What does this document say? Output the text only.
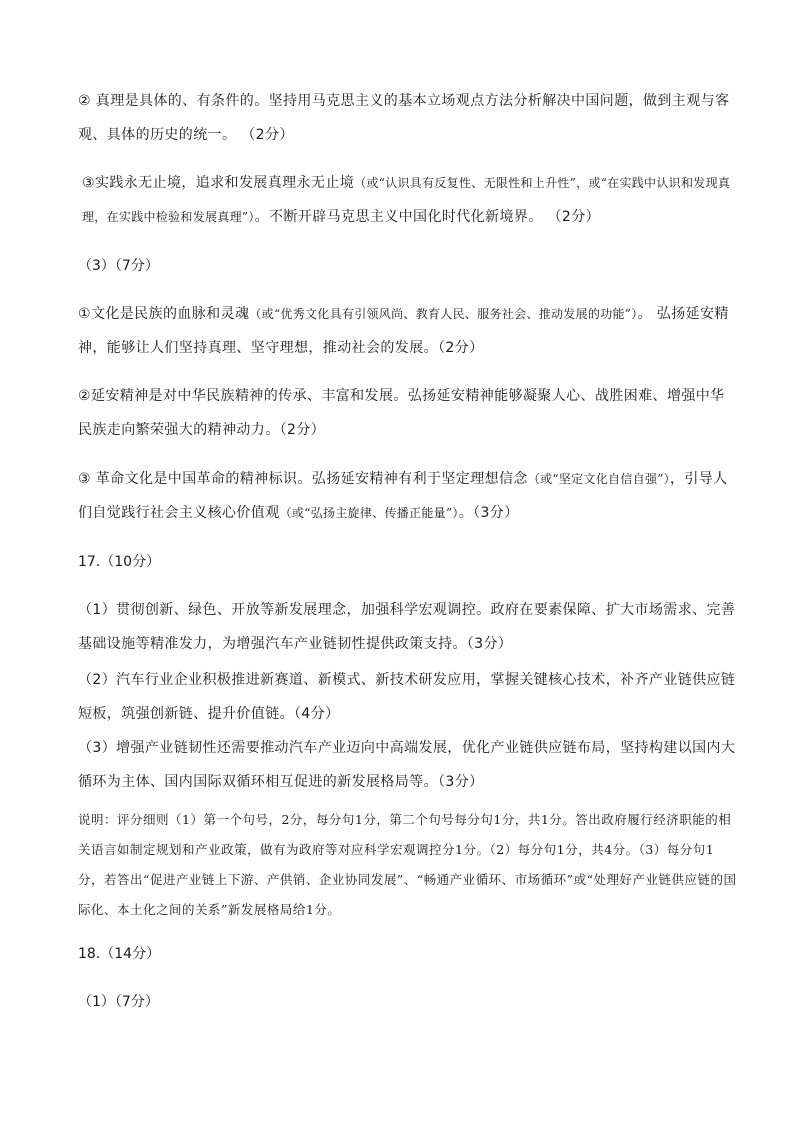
② 真理是具体的、有条件的。坚持用马克思主义的基本立场观点方法分析解决中国问题，做到主观与客观、具体的历史的统一。 （2分）
③实践永无止境，追求和发展真理永无止境（或“认识具有反复性、无限性和上升性”，或“在实践中认识和发现真理，在实践中检验和发展真理”）。不断开辟马克思主义中国化时代化新境界。 （2分）
（3）（7分）
①文化是民族的血脉和灵魂（或“优秀文化具有引领风尚、教育人民、服务社会、推动发展的功能”）。 弘扬延安精神，能够让人们坚持真理、坚守理想，推动社会的发展。（2分）
②延安精神是对中华民族精神的传承、丰富和发展。弘扬延安精神能够凝聚人心、战胜困难、增强中华民族走向繁荣强大的精神动力。（2分）
③ 革命文化是中国革命的精神标识。弘扬延安精神有利于坚定理想信念（或“坚定文化自信自强”），引导人们自觉践行社会主义核心价值观（或“弘扬主旋律、传播正能量”）。（3分）
17.（10分）
（1）贯彻创新、绿色、开放等新发展理念，加强科学宏观调控。政府在要素保障、扩大市场需求、完善基础设施等精准发力，为增强汽车产业链韧性提供政策支持。（3分）
（2）汽车行业企业积极推进新赛道、新模式、新技术研发应用，掌握关键核心技术，补齐产业链供应链短板，筑强创新链、提升价值链。（4分）
（3）增强产业链韧性还需要推动汽车产业迈向中高端发展，优化产业链供应链布局，坚持构建以国内大循环为主体、国内国际双循环相互促进的新发展格局等。（3分）
说明：评分细则（1）第一个句号，2分，每分句1分，第二个句号每分句1分，共1分。答出政府履行经济职能的相关语言如制定规划和产业政策，做有为政府等对应科学宏观调控分1分。（2）每分句1分，共4分。（3）每分句1分，若答出“促进产业链上下游、产供销、企业协同发展”、“畅通产业循环、市场循环”或“处理好产业链供应链的国际化、本土化之间的关系”新发展格局给1分。
18.（14分）
（1）（7分）
